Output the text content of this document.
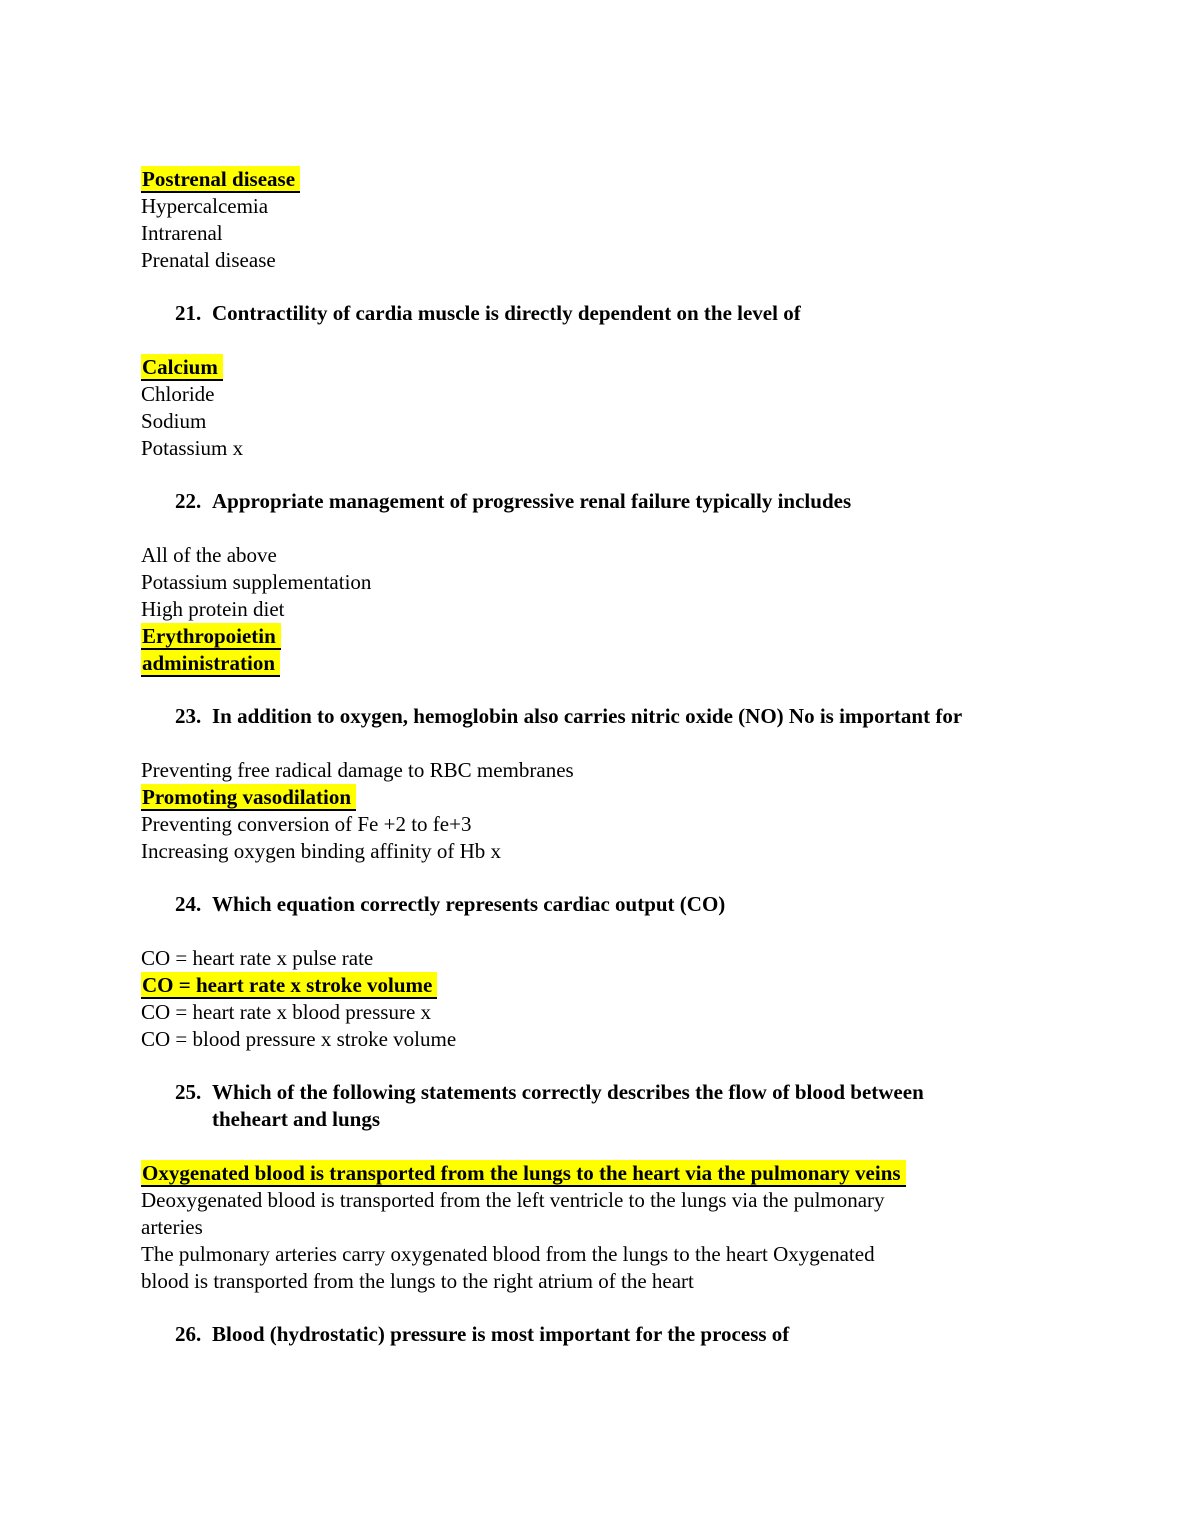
Postrenal disease
Hypercalcemia
Intrarenal
Prenatal disease
21. Contractility of cardia muscle is directly dependent on the level of
Calcium
Chloride
Sodium
Potassium x
22. Appropriate management of progressive renal failure typically includes
All of the above
Potassium supplementation
High protein diet
Erythropoietin
administration
23. In addition to oxygen, hemoglobin also carries nitric oxide (NO) No is important for
Preventing free radical damage to RBC membranes
Promoting vasodilation
Preventing conversion of Fe +2 to fe+3
Increasing oxygen binding affinity of Hb x
24. Which equation correctly represents cardiac output (CO)
CO = heart rate x pulse rate
CO = heart rate x stroke volume
CO = heart rate x blood pressure x
CO = blood pressure x stroke volume
25. Which of the following statements correctly describes the flow of blood between
theheart and lungs
Oxygenated blood is transported from the lungs to the heart via the pulmonary veins
Deoxygenated blood is transported from the left ventricle to the lungs via the pulmonary
arteries
The pulmonary arteries carry oxygenated blood from the lungs to the heart Oxygenated
blood is transported from the lungs to the right atrium of the heart
26. Blood (hydrostatic) pressure is most important for the process of
